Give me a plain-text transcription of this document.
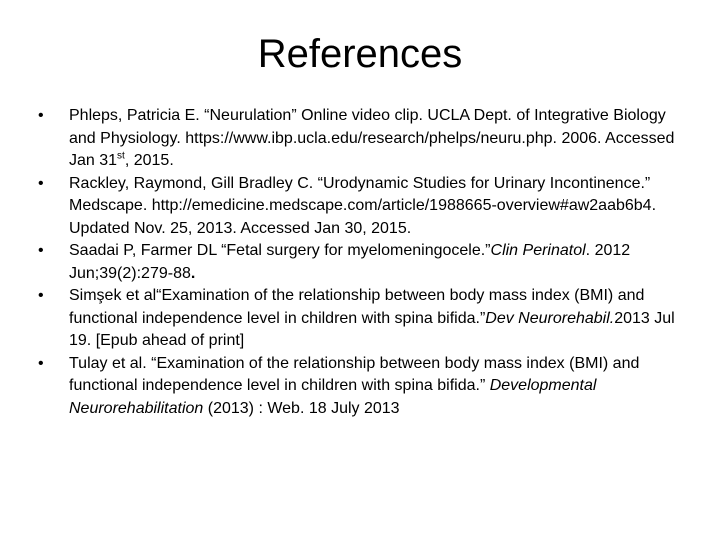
References
•	Phleps, Patricia E. “Neurulation” Online video clip. UCLA Dept. of Integrative Biology and Physiology. https://www.ibp.ucla.edu/research/phelps/neuru.php. 2006. Accessed Jan 31st, 2015.
•	Rackley, Raymond, Gill Bradley C. “Urodynamic Studies for Urinary Incontinence.”  Medscape. http://emedicine.medscape.com/article/1988665-overview#aw2aab6b4. Updated Nov. 25, 2013. Accessed Jan 30, 2015.
•	Saadai P, Farmer DL “Fetal surgery for myelomeningocele.”Clin Perinatol. 2012 Jun;39(2):279-88.
•	Simşek et al“Examination of the relationship between body mass index (BMI) and functional independence level in children with spina bifida.”Dev Neurorehabil.2013 Jul 19. [Epub ahead of print]
•	Tulay et al. “Examination of the relationship between body mass index (BMI) and functional independence level in children with spina bifida.” Developmental Neurorehabilitation (2013) : Web. 18 July 2013
